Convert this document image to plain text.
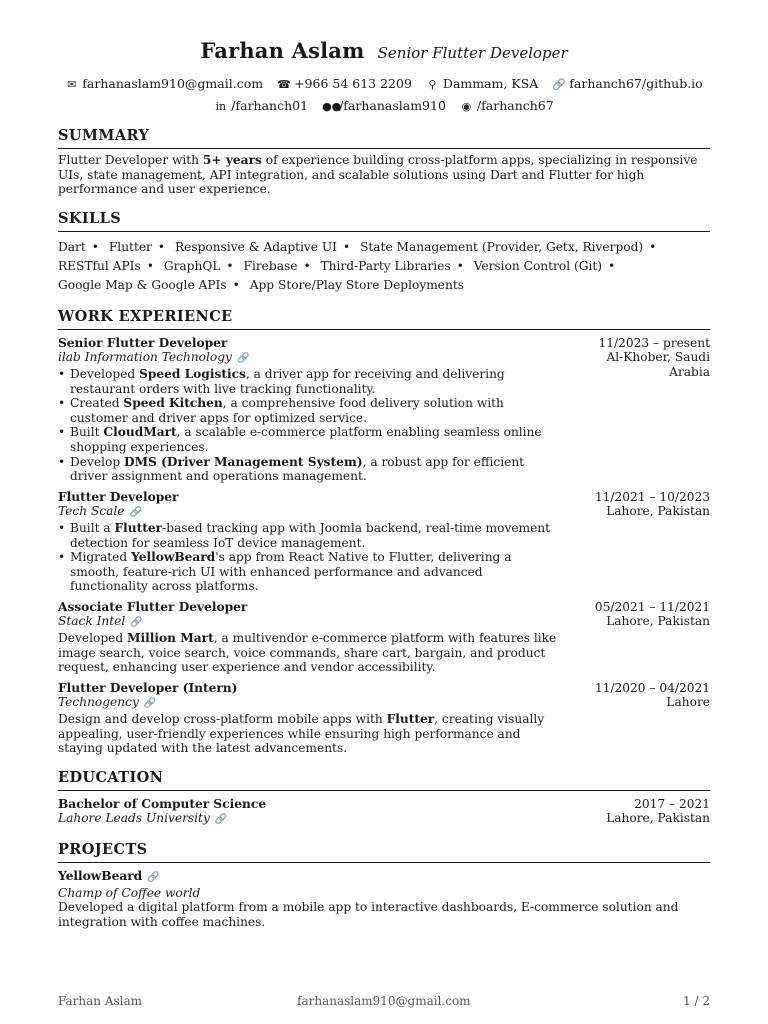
Farhan Aslam Senior Flutter Developer
✉ farhanaslam910@gmail.com ☎ +966 54 613 2209 ⚲ Dammam, KSA 🔗 farhanch67/github.io
in /farhanch01 ●●/farhanaslam910 ◉ /farhanch67
SUMMARY
Flutter Developer with 5+ years of experience building cross-platform apps, specializing in responsive UIs, state management, API integration, and scalable solutions using Dart and Flutter for high performance and user experience.
SKILLS
Dart • Flutter • Responsive & Adaptive UI • State Management (Provider, Getx, Riverpod) • RESTful APIs • GraphQL • Firebase • Third-Party Libraries • Version Control (Git) • Google Map & Google APIs • App Store/Play Store Deployments
WORK EXPERIENCE
Senior Flutter Developer
ilab Information Technology 🔗
• Developed Speed Logistics, a driver app for receiving and delivering restaurant orders with live tracking functionality.
• Created Speed Kitchen, a comprehensive food delivery solution with customer and driver apps for optimized service.
• Built CloudMart, a scalable e-commerce platform enabling seamless online shopping experiences.
• Develop DMS (Driver Management System), a robust app for efficient driver assignment and operations management.
11/2023 – present
Al-Khober, Saudi Arabia
Flutter Developer
Tech Scale 🔗
• Built a Flutter-based tracking app with Joomla backend, real-time movement detection for seamless IoT device management.
• Migrated YellowBeard's app from React Native to Flutter, delivering a smooth, feature-rich UI with enhanced performance and advanced functionality across platforms.
11/2021 – 10/2023
Lahore, Pakistan
Associate Flutter Developer
Stack Intel 🔗
Developed Million Mart, a multivendor e-commerce platform with features like image search, voice search, voice commands, share cart, bargain, and product request, enhancing user experience and vendor accessibility.
05/2021 – 11/2021
Lahore, Pakistan
Flutter Developer (Intern)
Technogency 🔗
Design and develop cross-platform mobile apps with Flutter, creating visually appealing, user-friendly experiences while ensuring high performance and staying updated with the latest advancements.
11/2020 – 04/2021
Lahore
EDUCATION
Bachelor of Computer Science
Lahore Leads University 🔗
2017 – 2021
Lahore, Pakistan
PROJECTS
YellowBeard 🔗
Champ of Coffee world
Developed a digital platform from a mobile app to interactive dashboards, E-commerce solution and integration with coffee machines.
Farhan Aslam	farhanaslam910@gmail.com	1 / 2
